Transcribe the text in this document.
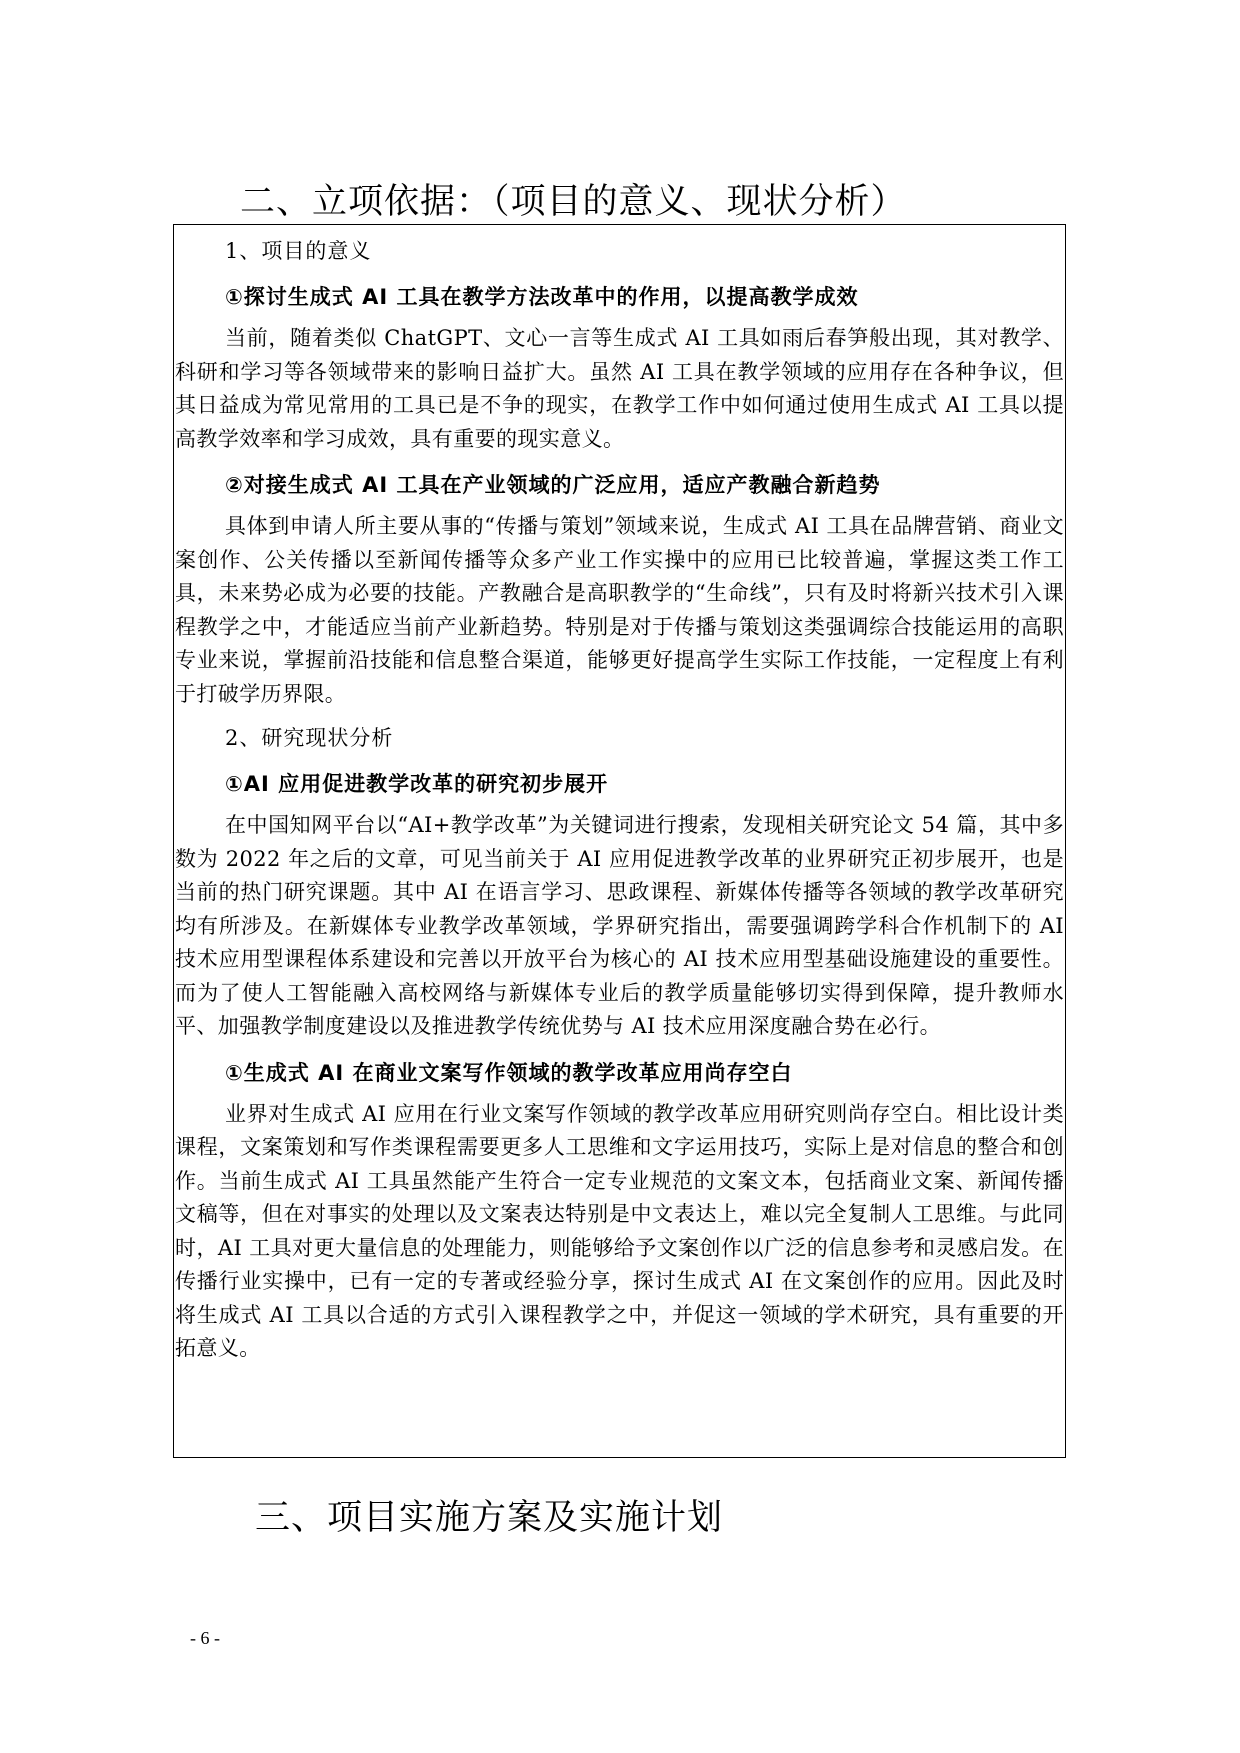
二、立项依据：（项目的意义、现状分析）
1、项目的意义
①探讨生成式 AI 工具在教学方法改革中的作用，以提高教学成效

当前，随着类似 ChatGPT、文心一言等生成式 AI 工具如雨后春笋般出现，其对教学、科研和学习等各领域带来的影响日益扩大。虽然 AI 工具在教学领域的应用存在各种争议，但其日益成为常见常用的工具已是不争的现实，在教学工作中如何通过使用生成式 AI 工具以提高教学效率和学习成效，具有重要的现实意义。

②对接生成式 AI 工具在产业领域的广泛应用，适应产教融合新趋势

具体到申请人所主要从事的“传播与策划”领域来说，生成式 AI 工具在品牌营销、商业文案创作、公关传播以至新闻传播等众多产业工作实操中的应用已比较普遍，掌握这类工作工具，未来势必成为必要的技能。产教融合是高职教学的“生命线”，只有及时将新兴技术引入课程教学之中，才能适应当前产业新趋势。特别是对于传播与策划这类强调综合技能运用的高职专业来说，掌握前沿技能和信息整合渠道，能够更好提高学生实际工作技能，一定程度上有利于打破学历界限。

2、研究现状分析
①AI 应用促进教学改革的研究初步展开

在中国知网平台以“AI+教学改革”为关键词进行搜索，发现相关研究论文 54 篇，其中多数为 2022 年之后的文章，可见当前关于 AI 应用促进教学改革的业界研究正初步展开，也是当前的热门研究课题。其中 AI 在语言学习、思政课程、新媒体传播等各领域的教学改革研究均有所涉及。在新媒体专业教学改革领域，学界研究指出，需要强调跨学科合作机制下的 AI 技术应用型课程体系建设和完善以开放平台为核心的 AI 技术应用型基础设施建设的重要性。而为了使人工智能融入高校网络与新媒体专业后的教学质量能够切实得到保障，提升教师水平、加强教学制度建设以及推进教学传统优势与 AI 技术应用深度融合势在必行。

①生成式 AI 在商业文案写作领域的教学改革应用尚存空白

业界对生成式 AI 应用在行业文案写作领域的教学改革应用研究则尚存空白。相比设计类课程，文案策划和写作类课程需要更多人工思维和文字运用技巧，实际上是对信息的整合和创作。当前生成式 AI 工具虽然能产生符合一定专业规范的文案文本，包括商业文案、新闻传播文稿等，但在对事实的处理以及文案表达特别是中文表达上，难以完全复制人工思维。与此同时，AI 工具对更大量信息的处理能力，则能够给予文案创作以广泛的信息参考和灵感启发。在传播行业实操中，已有一定的专著或经验分享，探讨生成式 AI 在文案创作的应用。因此及时将生成式 AI 工具以合适的方式引入课程教学之中，并促这一领域的学术研究，具有重要的开拓意义。

三、项目实施方案及实施计划
- 6 -
